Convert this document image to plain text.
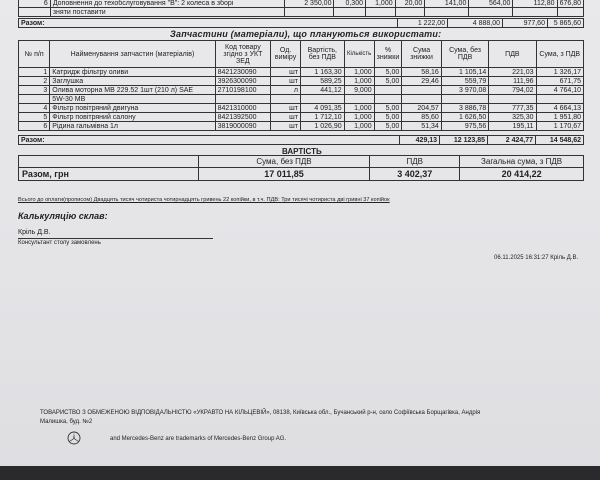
6	Доповнення до техобслуговування "В": 2 колеса в зборі	2 350,00	0,300	1,000	20,00	141,00	564,00	112,80	676,80
	зняти поставити								
Разом:	1 222,00	4 888,00	977,60	5 865,60
Запчастини (матеріали), що плануються використати:
№ п/п	Найменування запчастин (матеріалів)	Код товару згідно з УКТ ЗЕД	Од. виміру	Вартість, без ПДВ	Кількість	% знижки	Сума знижки	Сума, без ПДВ	ПДВ	Сума, з ПДВ
1	Катридж фільтру оливи	8421230090	шт	1 163,30	1,000	5,00	58,16	1 105,14	221,03	1 326,17
2	Заглушка	3926300090	шт	589,25	1,000	5,00	29,46	559,79	111,96	671,75
3	Олива моторна MB 229.52 1шт (210 л) SAE	2710198100	л	441,12	9,000			3 970,08	794,02	4 764,10
	5W-30 MB									
4	Фільтр повітряний двигуна	8421310000	шт	4 091,35	1,000	5,00	204,57	3 886,78	777,35	4 664,13
5	Фільтр повітряний салону	8421392500	шт	1 712,10	1,000	5,00	85,60	1 626,50	325,30	1 951,80
6	Рідина гальмівна 1л	3819000090	шт	1 026,90	1,000	5,00	51,34	975,56	195,11	1 170,67
Разом:	429,13	12 123,85	2 424,77	14 548,62
ВАРТІСТЬ
	Сума, без ПДВ	ПДВ	Загальна сума, з ПДВ
Разом, грн	17 011,85	3 402,37	20 414,22
Всього до оплати(прописом) Двадцять тисяч чотириста чотирнадцять гривень 22 копійки, в т.ч. ПДВ: Три тисячі чотириста дві гривні 37 копійок
Калькуляцію склав:
Кріль Д.В.
Консультант столу замовлень
06.11.2025 16:31:27 Кріль Д.В.
ТОВАРИСТВО З ОБМЕЖЕНОЮ ВІДПОВІДАЛЬНІСТЮ «УКРАВТО НА КІЛЬЦЕВІЙ», 08138, Київська обл., Бучанський р-н, село Софіївська Борщагівка, Андрія
Малишка, буд. №2
and Mercedes-Benz are trademarks of Mercedes-Benz Group AG.
